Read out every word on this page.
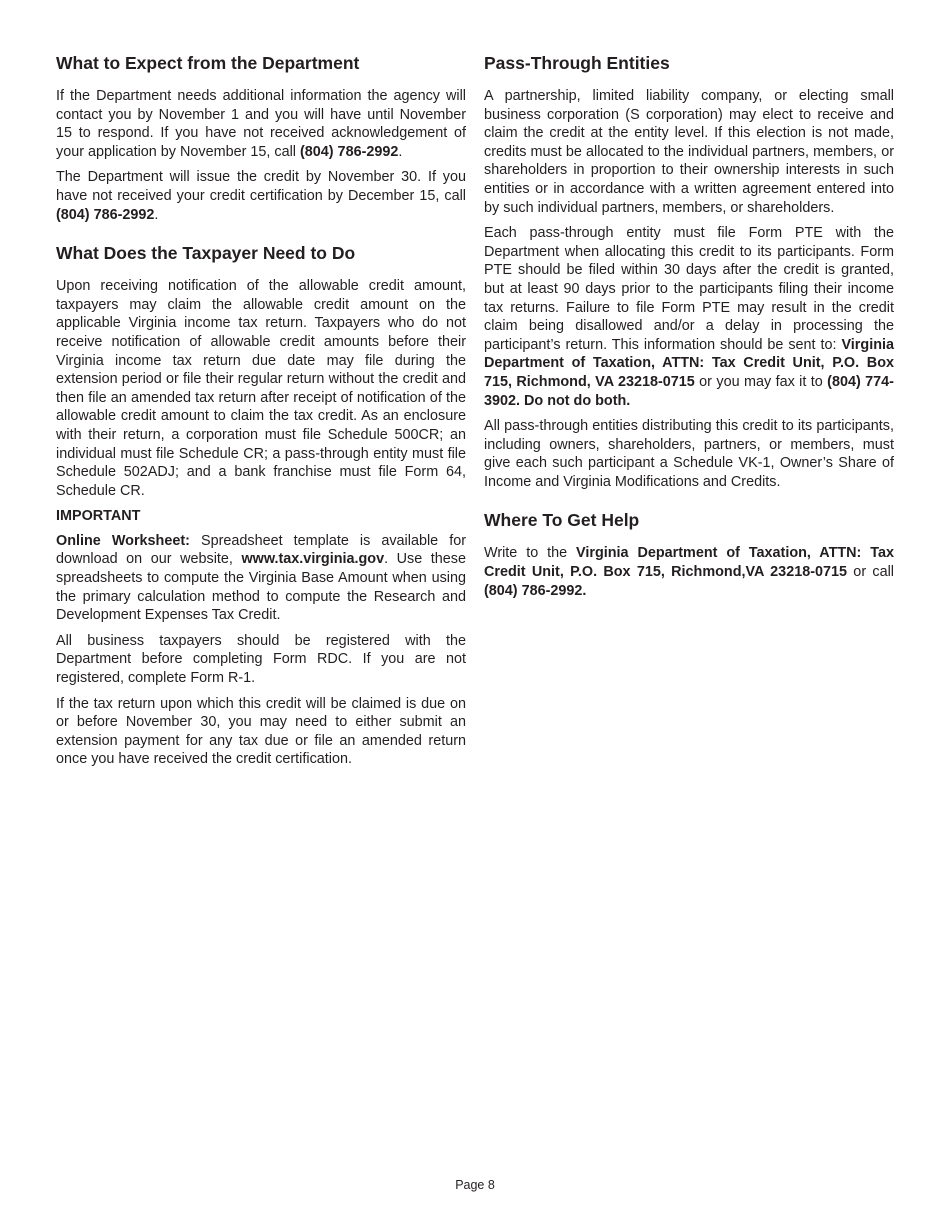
What to Expect from the Department

If the Department needs additional information the agency will contact you by November 1 and you will have until November 15 to respond. If you have not received acknowledgement of your application by November 15, call (804) 786-2992.

The Department will issue the credit by November 30. If you have not received your credit certification by December 15, call (804) 786-2992.

What Does the Taxpayer Need to Do

Upon receiving notification of the allowable credit amount, taxpayers may claim the allowable credit amount on the applicable Virginia income tax return. Taxpayers who do not receive notification of allowable credit amounts before their Virginia income tax return due date may file during the extension period or file their regular return without the credit and then file an amended tax return after receipt of notification of the allowable credit amount to claim the tax credit. As an enclosure with their return, a corporation must file Schedule 500CR; an individual must file Schedule CR; a pass-through entity must file Schedule 502ADJ; and a bank franchise must file Form 64, Schedule CR.

IMPORTANT

Online Worksheet: Spreadsheet template is available for download on our website, www.tax.virginia.gov. Use these spreadsheets to compute the Virginia Base Amount when using the primary calculation method to compute the Research and Development Expenses Tax Credit.

All business taxpayers should be registered with the Department before completing Form RDC. If you are not registered, complete Form R-1.

If the tax return upon which this credit will be claimed is due on or before November 30, you may need to either submit an extension payment for any tax due or file an amended return once you have received the credit certification.

Pass-Through Entities

A partnership, limited liability company, or electing small business corporation (S corporation) may elect to receive and claim the credit at the entity level. If this election is not made, credits must be allocated to the individual partners, members, or shareholders in proportion to their ownership interests in such entities or in accordance with a written agreement entered into by such individual partners, members, or shareholders.

Each pass-through entity must file Form PTE with the Department when allocating this credit to its participants. Form PTE should be filed within 30 days after the credit is granted, but at least 90 days prior to the participants filing their income tax returns. Failure to file Form PTE may result in the credit claim being disallowed and/or a delay in processing the participant’s return. This information should be sent to: Virginia Department of Taxation, ATTN: Tax Credit Unit, P.O. Box 715, Richmond, VA 23218-0715 or you may fax it to (804) 774-3902. Do not do both.

All pass-through entities distributing this credit to its participants, including owners, shareholders, partners, or members, must give each such participant a Schedule VK-1, Owner’s Share of Income and Virginia Modifications and Credits.

Where To Get Help

Write to the Virginia Department of Taxation, ATTN: Tax Credit Unit, P.O. Box 715, Richmond,VA 23218-0715 or call (804) 786-2992.

Page 8
